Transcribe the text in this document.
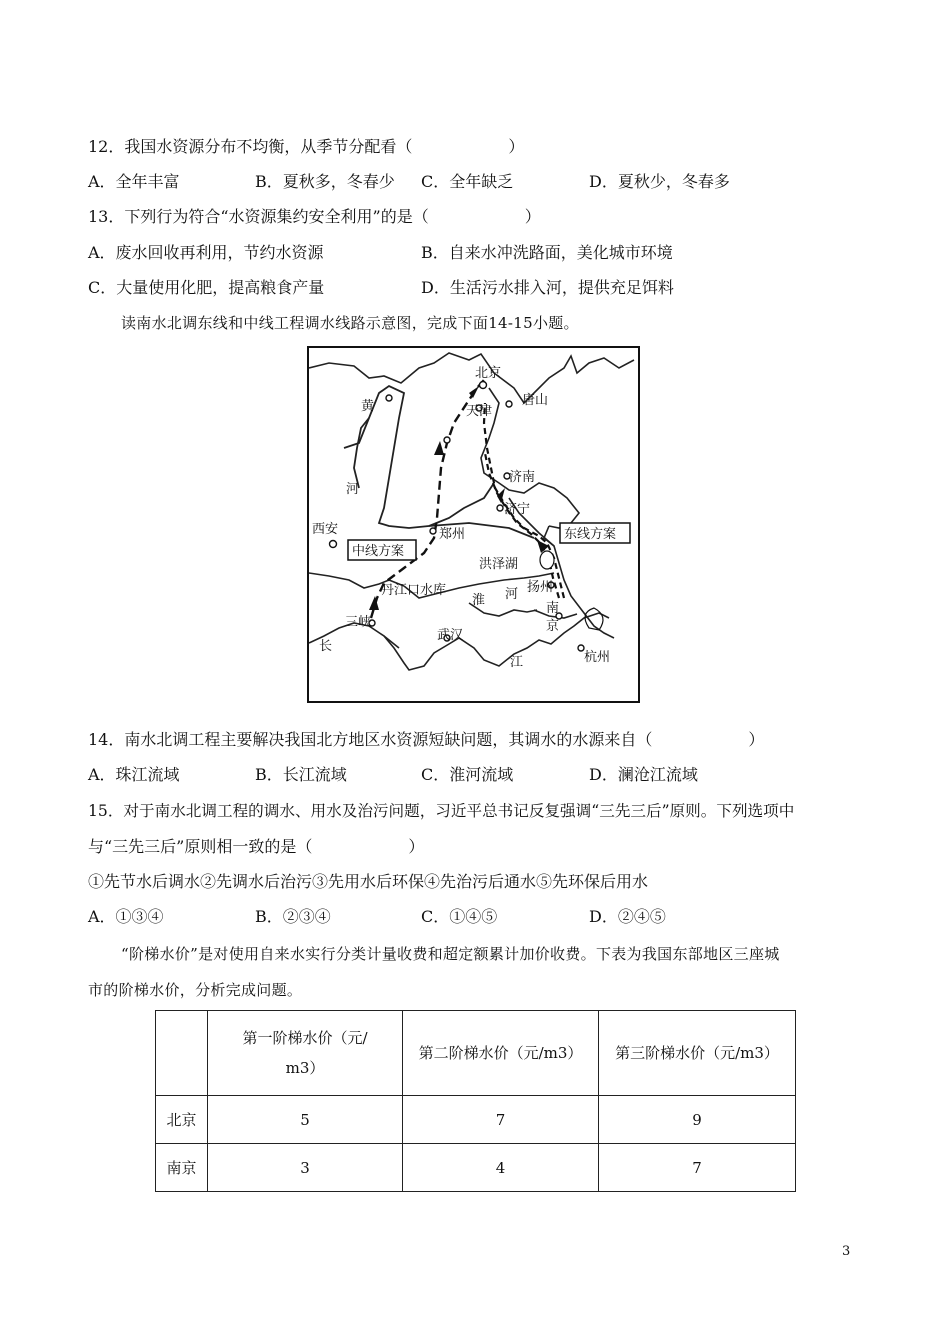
12．我国水资源分布不均衡，从季节分配看（　　　　　　）
A．全年丰富	B．夏秋多，冬春少 C．全年缺乏	D．夏秋少，冬春多
13．下列行为符合“水资源集约安全利用”的是（　　　　　　）
A．废水回收再利用，节约水资源	B．自来水冲洗路面，美化城市环境
C．大量使用化肥，提高粮食产量	D．生活污水排入河，提供充足饵料
读南水北调东线和中线工程调水线路示意图，完成下面14-15小题。
北京
天津
唐山
济南
济宁
西安	郑州
洪泽湖
扬州
丹江口水库
三峡
武汉
南
京
杭州
黄
河
淮 河
长
江
中线方案
东线方案
14．南水北调工程主要解决我国北方地区水资源短缺问题，其调水的水源来自（　　　　　　）
A．珠江流域	B．长江流域	C．淮河流域	D．澜沧江流域
15．对于南水北调工程的调水、用水及治污问题，习近平总书记反复强调“三先三后”原则。下列选项中
与“三先三后”原则相一致的是（　　　　　　）
①先节水后调水②先调水后治污③先用水后环保④先治污后通水⑤先环保后用水
A．①③④	B．②③④	C．①④⑤	D．②④⑤
“阶梯水价”是对使用自来水实行分类计量收费和超定额累计加价收费。下表为我国东部地区三座城
市的阶梯水价，分析完成问题。
	第一阶梯水价（元/
m3）	第二阶梯水价（元/m3）	第三阶梯水价（元/m3）
北京	5	7	9
南京	3	4	7
3
